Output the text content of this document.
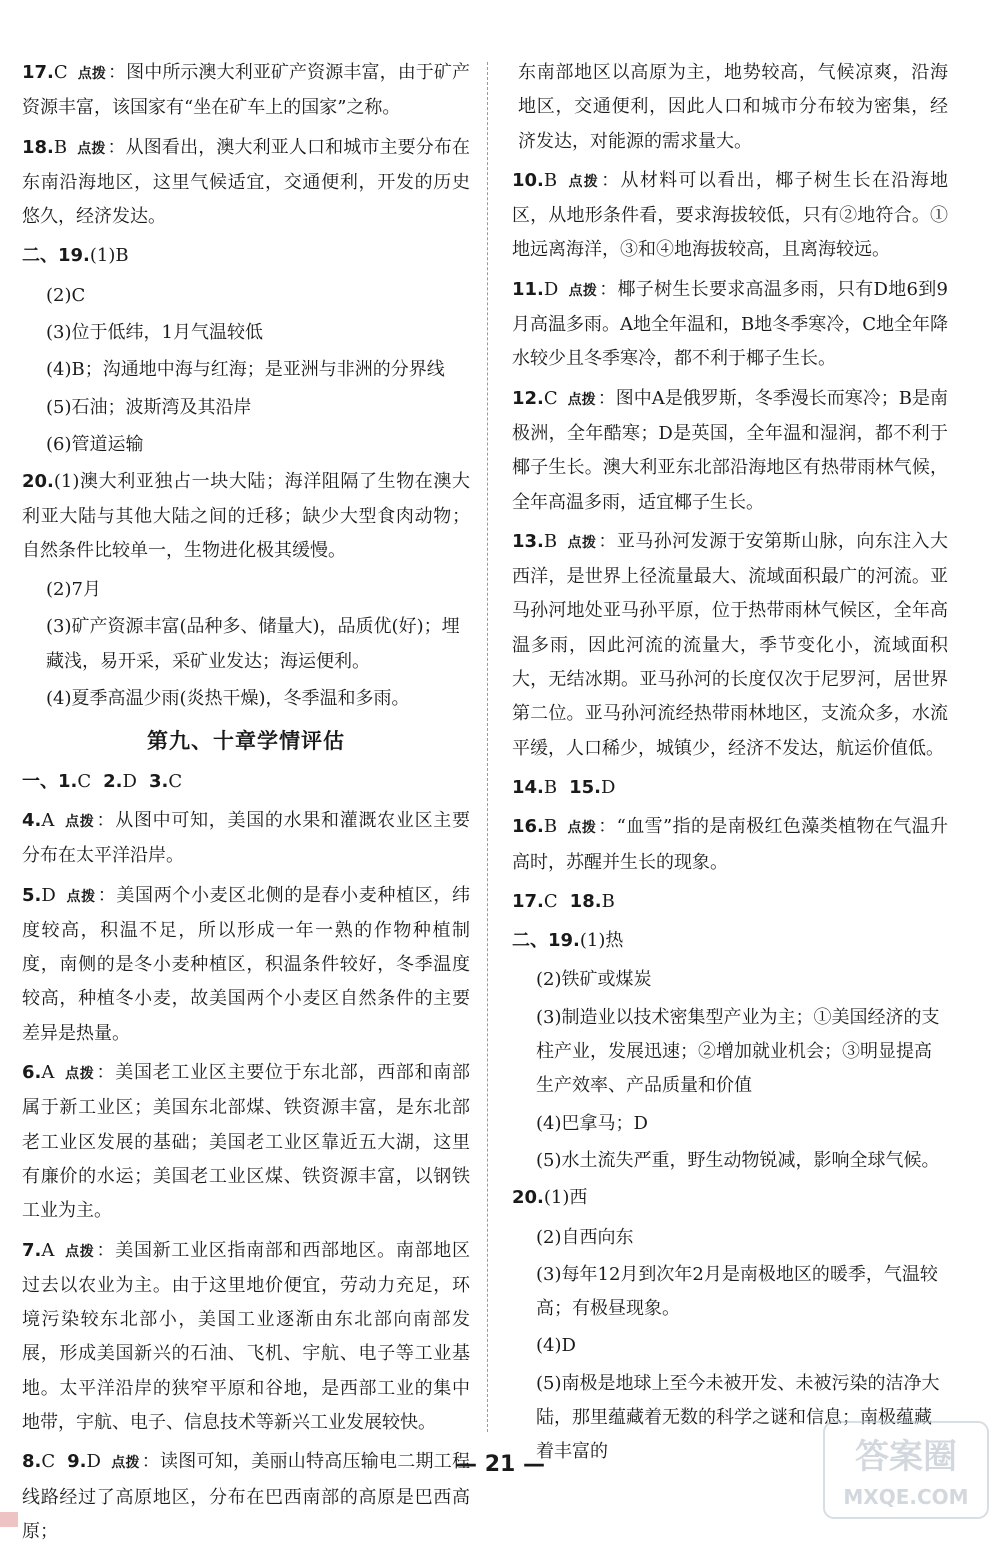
17.C 点拨 ：图中所示澳大利亚矿产资源丰富，由于矿产资源丰富，该国家有“坐在矿车上的国家”之称。
18.B 点拨 ：从图看出，澳大利亚人口和城市主要分布在东南沿海地区，这里气候适宜，交通便利，开发的历史悠久，经济发达。
二、19.(1)B
(2)C
(3)位于低纬，1月气温较低
(4)B；沟通地中海与红海；是亚洲与非洲的分界线
(5)石油；波斯湾及其沿岸
(6)管道运输
20.(1)澳大利亚独占一块大陆；海洋阻隔了生物在澳大利亚大陆与其他大陆之间的迁移；缺少大型食肉动物；自然条件比较单一，生物进化极其缓慢。
(2)7月
(3)矿产资源丰富(品种多、储量大)，品质优(好)；埋藏浅，易开采，采矿业发达；海运便利。
(4)夏季高温少雨(炎热干燥)，冬季温和多雨。
第九、十章学情评估
一、1.C 2.D 3.C
4.A 点拨 ：从图中可知，美国的水果和灌溉农业区主要分布在太平洋沿岸。
5.D 点拨 ：美国两个小麦区北侧的是春小麦种植区，纬度较高，积温不足，所以形成一年一熟的作物种植制度，南侧的是冬小麦种植区，积温条件较好，冬季温度较高，种植冬小麦，故美国两个小麦区自然条件的主要差异是热量。
6.A 点拨 ：美国老工业区主要位于东北部，西部和南部属于新工业区；美国东北部煤、铁资源丰富，是东北部老工业区发展的基础；美国老工业区靠近五大湖，这里有廉价的水运；美国老工业区煤、铁资源丰富，以钢铁工业为主。
7.A 点拨 ：美国新工业区指南部和西部地区。南部地区过去以农业为主。由于这里地价便宜，劳动力充足，环境污染较东北部小，美国工业逐渐由东北部向南部发展，形成美国新兴的石油、飞机、宇航、电子等工业基地。太平洋沿岸的狭窄平原和谷地，是西部工业的集中地带，宇航、电子、信息技术等新兴工业发展较快。
8.C 9.D 点拨 ：读图可知，美丽山特高压输电二期工程线路经过了高原地区，分布在巴西南部的高原是巴西高原；
东南部地区以高原为主，地势较高，气候凉爽，沿海地区，交通便利，因此人口和城市分布较为密集，经济发达，对能源的需求量大。
10.B 点拨 ：从材料可以看出，椰子树生长在沿海地区，从地形条件看，要求海拔较低，只有②地符合。①地远离海洋，③和④地海拔较高，且离海较远。
11.D 点拨 ：椰子树生长要求高温多雨，只有D地6到9月高温多雨。A地全年温和，B地冬季寒冷，C地全年降水较少且冬季寒冷，都不利于椰子生长。
12.C 点拨 ：图中A是俄罗斯，冬季漫长而寒冷；B是南极洲，全年酷寒；D是英国，全年温和湿润，都不利于椰子生长。澳大利亚东北部沿海地区有热带雨林气候，全年高温多雨，适宜椰子生长。
13.B 点拨 ：亚马孙河发源于安第斯山脉，向东注入大西洋，是世界上径流量最大、流域面积最广的河流。亚马孙河地处亚马孙平原，位于热带雨林气候区，全年高温多雨，因此河流的流量大，季节变化小，流域面积大，无结冰期。亚马孙河的长度仅次于尼罗河，居世界第二位。亚马孙河流经热带雨林地区，支流众多，水流平缓，人口稀少，城镇少，经济不发达，航运价值低。
14.B 15.D
16.B 点拨 ：“血雪”指的是南极红色藻类植物在气温升高时，苏醒并生长的现象。
17.C 18.B
二、19.(1)热
(2)铁矿或煤炭
(3)制造业以技术密集型产业为主；①美国经济的支柱产业，发展迅速；②增加就业机会；③明显提高生产效率、产品质量和价值
(4)巴拿马；D
(5)水土流失严重，野生动物锐减，影响全球气候。
20.(1)西
(2)自西向东
(3)每年12月到次年2月是南极地区的暖季，气温较高；有极昼现象。
(4)D
(5)南极是地球上至今未被开发、未被污染的洁净大陆，那里蕴藏着无数的科学之谜和信息；南极蕴藏着丰富的
— 21 —	答案圈
MXQE.COM
